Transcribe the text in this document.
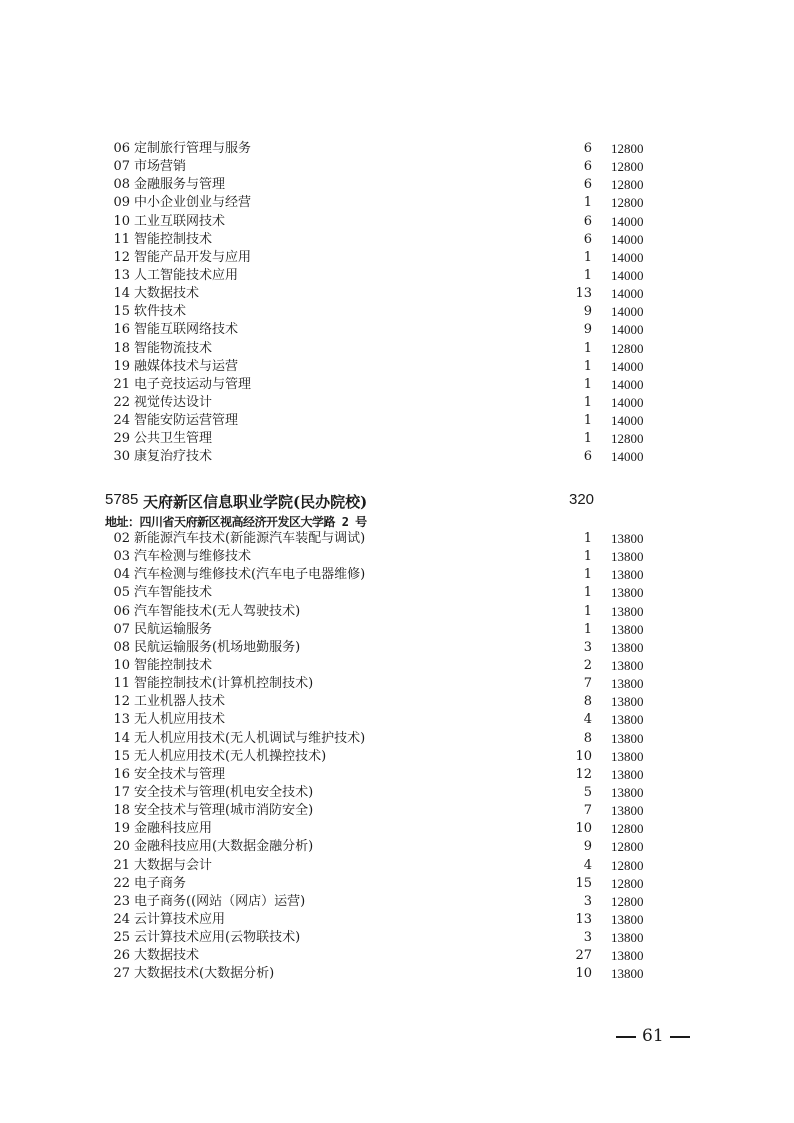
06 定制旅行管理与服务	6 12800
07 市场营销	6 12800
08 金融服务与管理	6 12800
09 中小企业创业与经营	1 12800
10 工业互联网技术	6 14000
11 智能控制技术	6 14000
12 智能产品开发与应用	1 14000
13 人工智能技术应用	1 14000
14 大数据技术	13 14000
15 软件技术	9 14000
16 智能互联网络技术	9 14000
18 智能物流技术	1 12800
19 融媒体技术与运营	1 14000
21 电子竞技运动与管理	1 14000
22 视觉传达设计	1 14000
24 智能安防运营管理	1 14000
29 公共卫生管理	1 12800
30 康复治疗技术	6 14000
5785 天府新区信息职业学院(民办院校)	320
地址：四川省天府新区视高经济开发区大学路 2 号
02 新能源汽车技术(新能源汽车装配与调试)	1 13800
03 汽车检测与维修技术	1 13800
04 汽车检测与维修技术(汽车电子电器维修)	1 13800
05 汽车智能技术	1 13800
06 汽车智能技术(无人驾驶技术)	1 13800
07 民航运输服务	1 13800
08 民航运输服务(机场地勤服务)	3 13800
10 智能控制技术	2 13800
11 智能控制技术(计算机控制技术)	7 13800
12 工业机器人技术	8 13800
13 无人机应用技术	4 13800
14 无人机应用技术(无人机调试与维护技术)	8 13800
15 无人机应用技术(无人机操控技术)	10 13800
16 安全技术与管理	12 13800
17 安全技术与管理(机电安全技术)	5 13800
18 安全技术与管理(城市消防安全)	7 13800
19 金融科技应用	10 12800
20 金融科技应用(大数据金融分析)	9 12800
21 大数据与会计	4 12800
22 电子商务	15 12800
23 电子商务((网站（网店）运营)	3 12800
24 云计算技术应用	13 13800
25 云计算技术应用(云物联技术)	3 13800
26 大数据技术	27 13800
27 大数据技术(大数据分析)	10 13800
61
